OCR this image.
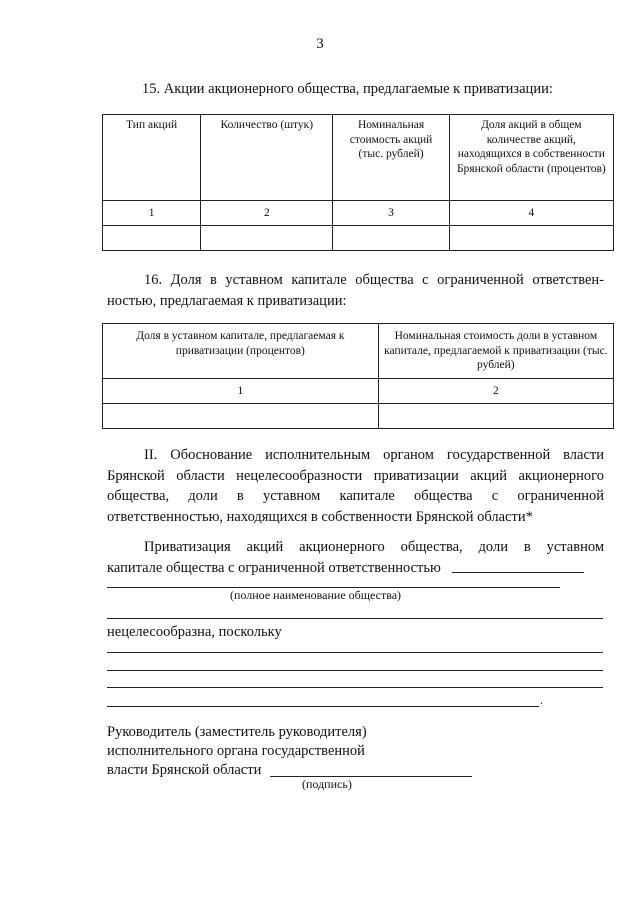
3
15. Акции акционерного общества, предлагаемые к приватизации:
Тип акций	Количество (штук)	Номинальная стоимость акций (тыс. рублей)	Доля акций в общем количестве акций, находящихся в собственности Брянской области (процентов)
1	2	3	4

16. Доля в уставном капитале общества с ограниченной ответствен-
ностью, предлагаемая к приватизации:
Доля в уставном капитале, предлагаемая к приватизации (процентов)	Номинальная стоимость доли в уставном капитале, предлагаемой к приватизации (тыс. рублей)
1	2

II. Обоснование исполнительным органом государственной власти
Брянской области нецелесообразности приватизации акций акционерного
общества, доли в уставном капитале общества с ограниченной
ответственностью, находящихся в собственности Брянской области*
Приватизация акций акционерного общества, доли в уставном
капитале общества с ограниченной ответственностью
(полное наименование общества)
нецелесообразна, поскольку
.
Руководитель (заместитель руководителя)
исполнительного органа государственной
власти Брянской области
(подпись)
